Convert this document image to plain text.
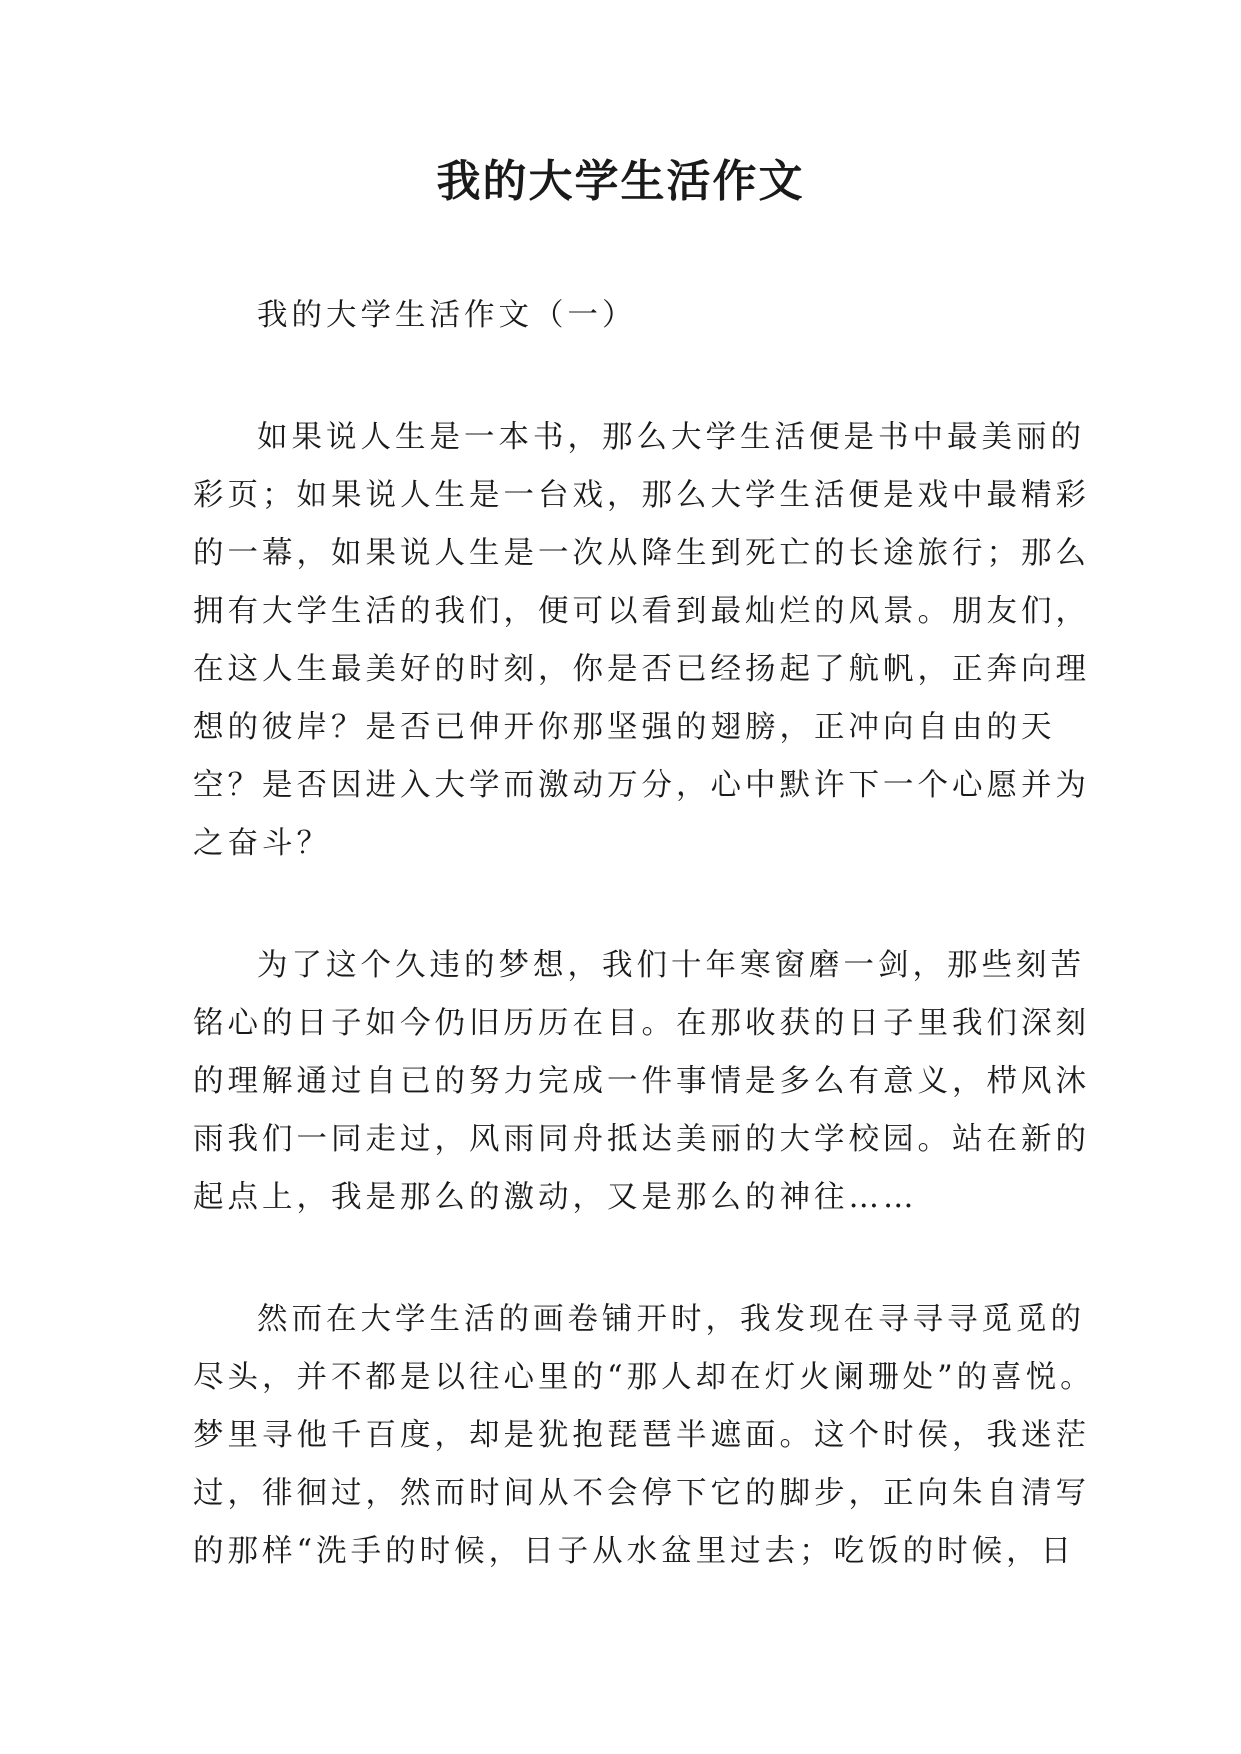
我的大学生活作文
我的大学生活作文（一）
如果说人生是一本书，那么大学生活便是书中最美丽的
彩页；如果说人生是一台戏，那么大学生活便是戏中最精彩
的一幕，如果说人生是一次从降生到死亡的长途旅行；那么
拥有大学生活的我们，便可以看到最灿烂的风景。朋友们，
在这人生最美好的时刻，你是否已经扬起了航帆，正奔向理
想的彼岸？是否已伸开你那坚强的翅膀，正冲向自由的天
空？是否因进入大学而激动万分，心中默许下一个心愿并为
之奋斗？
为了这个久违的梦想，我们十年寒窗磨一剑，那些刻苦
铭心的日子如今仍旧历历在目。在那收获的日子里我们深刻
的理解通过自已的努力完成一件事情是多么有意义，栉风沐
雨我们一同走过，风雨同舟抵达美丽的大学校园。站在新的
起点上，我是那么的激动，又是那么的神往……
然而在大学生活的画卷铺开时，我发现在寻寻寻觅觅的
尽头，并不都是以往心里的“那人却在灯火阑珊处”的喜悦。
梦里寻他千百度，却是犹抱琵琶半遮面。这个时侯，我迷茫
过，徘徊过，然而时间从不会停下它的脚步，正向朱自清写
的那样“洗手的时候，日子从水盆里过去；吃饭的时候，日
